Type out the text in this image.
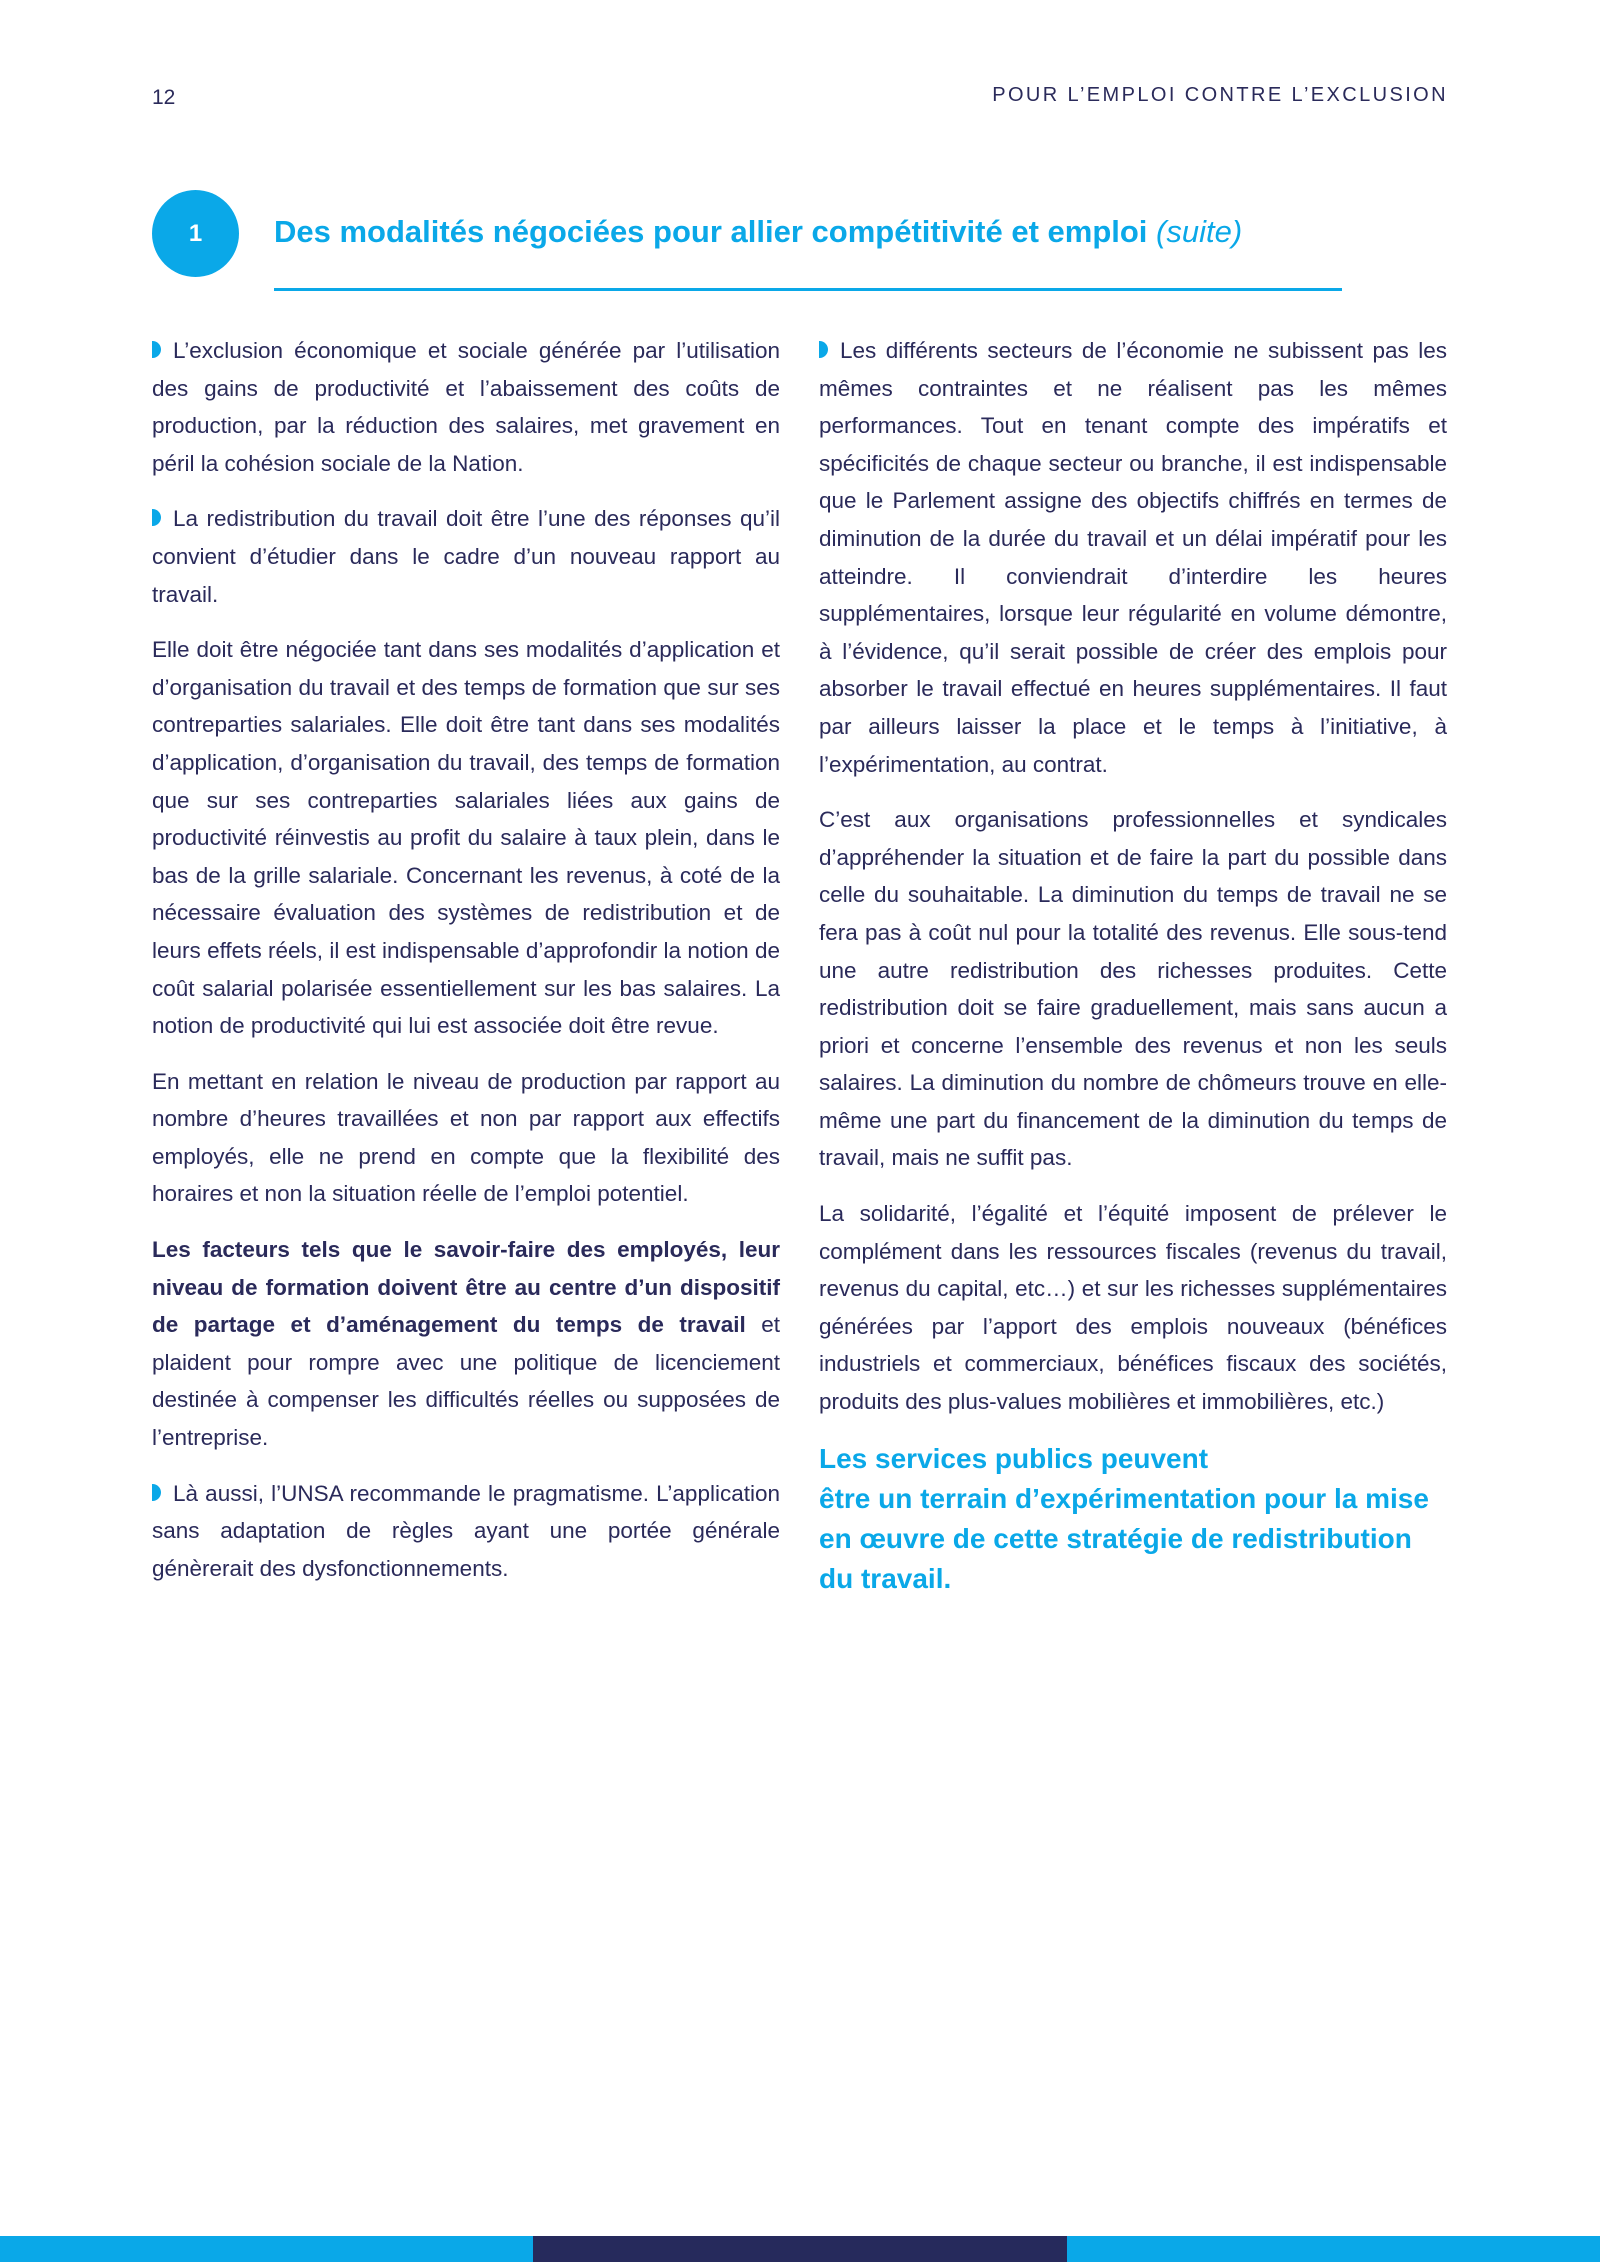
12	POUR L’EMPLOI CONTRE L’EXCLUSION
1 Des modalités négociées pour allier compétitivité et emploi (suite)

L’exclusion économique et sociale générée par l’utilisation des gains de productivité et l’abaissement des coûts de production, par la réduction des salaires, met gravement en péril la cohésion sociale de la Nation.

La redistribution du travail doit être l’une des réponses qu’il convient d’étudier dans le cadre d’un nouveau rapport au travail.

Elle doit être négociée tant dans ses modalités d’application et d’organisation du travail et des temps de formation que sur ses contreparties salariales. Elle doit être tant dans ses modalités d’application, d’organisation du travail, des temps de formation que sur ses contreparties salariales liées aux gains de productivité réinvestis au profit du salaire à taux plein, dans le bas de la grille salariale. Concernant les revenus, à coté de la nécessaire évaluation des systèmes de redistribution et de leurs effets réels, il est indispensable d’approfondir la notion de coût salarial polarisée essentiellement sur les bas salaires. La notion de productivité qui lui est associée doit être revue.

En mettant en relation le niveau de production par rapport au nombre d’heures travaillées et non par rapport aux effectifs employés, elle ne prend en compte que la flexibilité des horaires et non la situation réelle de l’emploi potentiel.

Les facteurs tels que le savoir-faire des employés, leur niveau de formation doivent être au centre d’un dispositif de partage et d’aménagement du temps de travail et plaident pour rompre avec une politique de licenciement destinée à compenser les difficultés réelles ou supposées de l’entreprise.

Là aussi, l’UNSA recommande le pragmatisme. L’application sans adaptation de règles ayant une portée générale génèrerait des dysfonctionnements.

Les différents secteurs de l’économie ne subissent pas les mêmes contraintes et ne réalisent pas les mêmes performances. Tout en tenant compte des impératifs et spécificités de chaque secteur ou branche, il est indispensable que le Parlement assigne des objectifs chiffrés en termes de diminution de la durée du travail et un délai impératif pour les atteindre. Il conviendrait d’interdire les heures supplémentaires, lorsque leur régularité en volume démontre, à l’évidence, qu’il serait possible de créer des emplois pour absorber le travail effectué en heures supplémentaires. Il faut par ailleurs laisser la place et le temps à l’initiative, à l’expérimentation, au contrat.

C’est aux organisations professionnelles et syndicales d’appréhender la situation et de faire la part du possible dans celle du souhaitable. La diminution du temps de travail ne se fera pas à coût nul pour la totalité des revenus. Elle sous-tend une autre redistribution des richesses produites. Cette redistribution doit se faire graduellement, mais sans aucun a priori et concerne l’ensemble des revenus et non les seuls salaires. La diminution du nombre de chômeurs trouve en elle-même une part du financement de la diminution du temps de travail, mais ne suffit pas.

La solidarité, l’égalité et l’équité imposent de prélever le complément dans les ressources fiscales (revenus du travail, revenus du capital, etc…) et sur les richesses supplémentaires générées par l’apport des emplois nouveaux (bénéfices industriels et commerciaux, bénéfices fiscaux des sociétés, produits des plus-values mobilières et immobilières, etc.)

Les services publics peuvent
être un terrain d’expérimentation pour la mise
en œuvre de cette stratégie de redistribution
du travail.
